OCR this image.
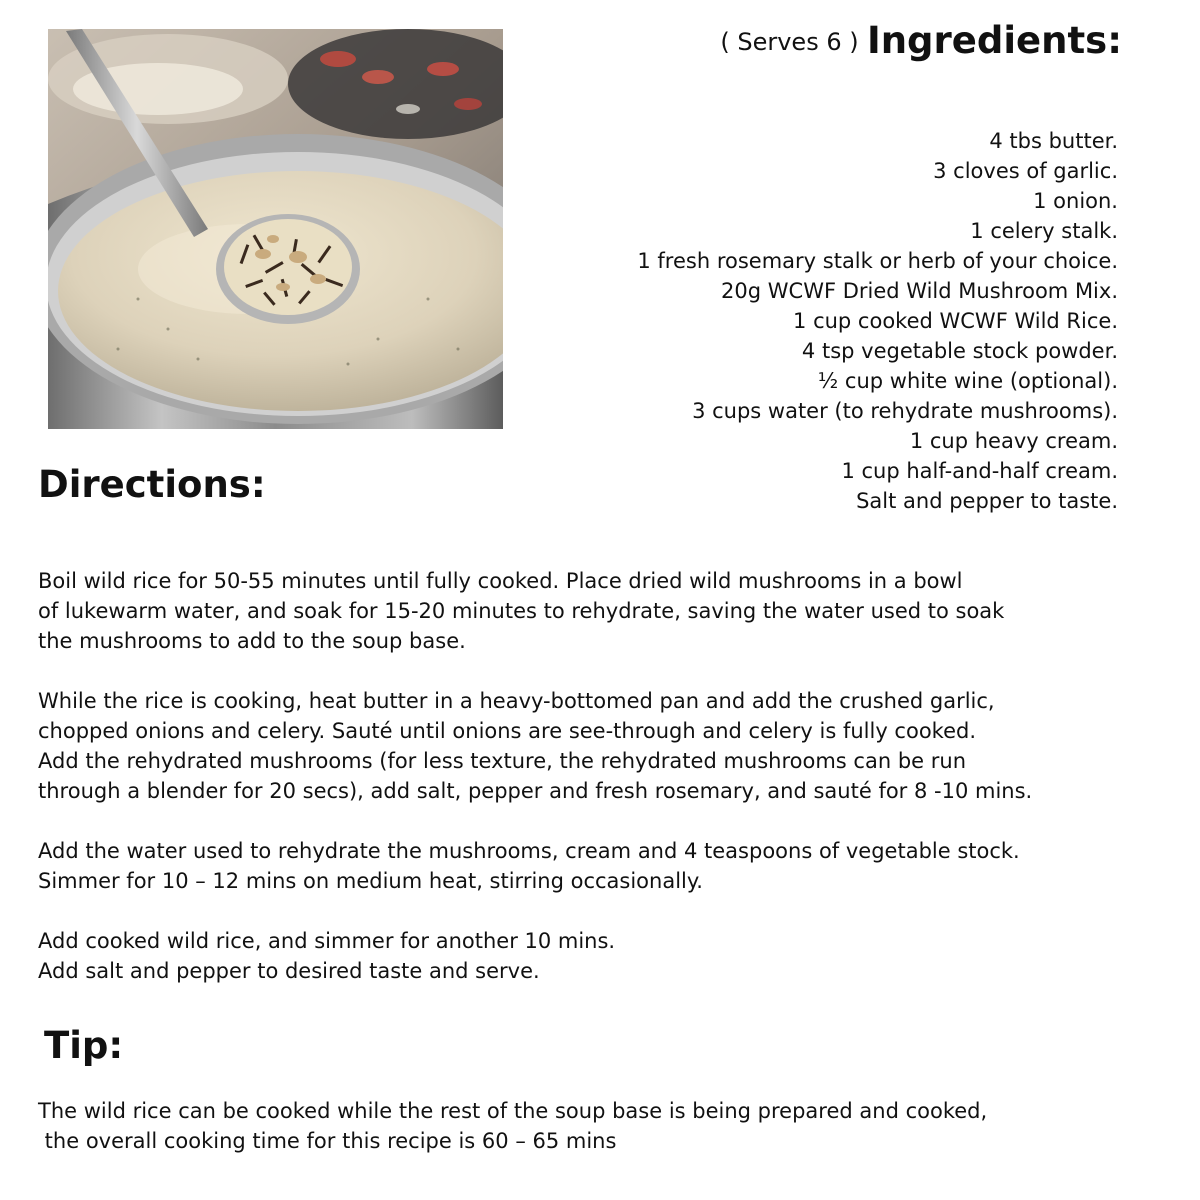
( Serves 6 ) Ingredients:
4 tbs butter.
3 cloves of garlic.
1 onion.
1 celery stalk.
1 fresh rosemary stalk or herb of your choice.
20g WCWF Dried Wild Mushroom Mix.
1 cup cooked WCWF Wild Rice.
4 tsp vegetable stock powder.
½ cup white wine (optional).
3 cups water (to rehydrate mushrooms).
1 cup heavy cream.
1 cup half-and-half cream.
Salt and pepper to taste.
Directions:

Boil wild rice for 50-55 minutes until fully cooked. Place dried wild mushrooms in a bowl
of lukewarm water, and soak for 15-20 minutes to rehydrate, saving the water used to soak
the mushrooms to add to the soup base.

While the rice is cooking, heat butter in a heavy-bottomed pan and add the crushed garlic,
chopped onions and celery. Sauté until onions are see-through and celery is fully cooked.
Add the rehydrated mushrooms (for less texture, the rehydrated mushrooms can be run
through a blender for 20 secs), add salt, pepper and fresh rosemary, and sauté for 8 -10 mins.

Add the water used to rehydrate the mushrooms, cream and 4 teaspoons of vegetable stock.
Simmer for 10 – 12 mins on medium heat, stirring occasionally.

Add cooked wild rice, and simmer for another 10 mins.
Add salt and pepper to desired taste and serve.

Tip:
The wild rice can be cooked while the rest of the soup base is being prepared and cooked,
the overall cooking time for this recipe is 60 – 65 mins
